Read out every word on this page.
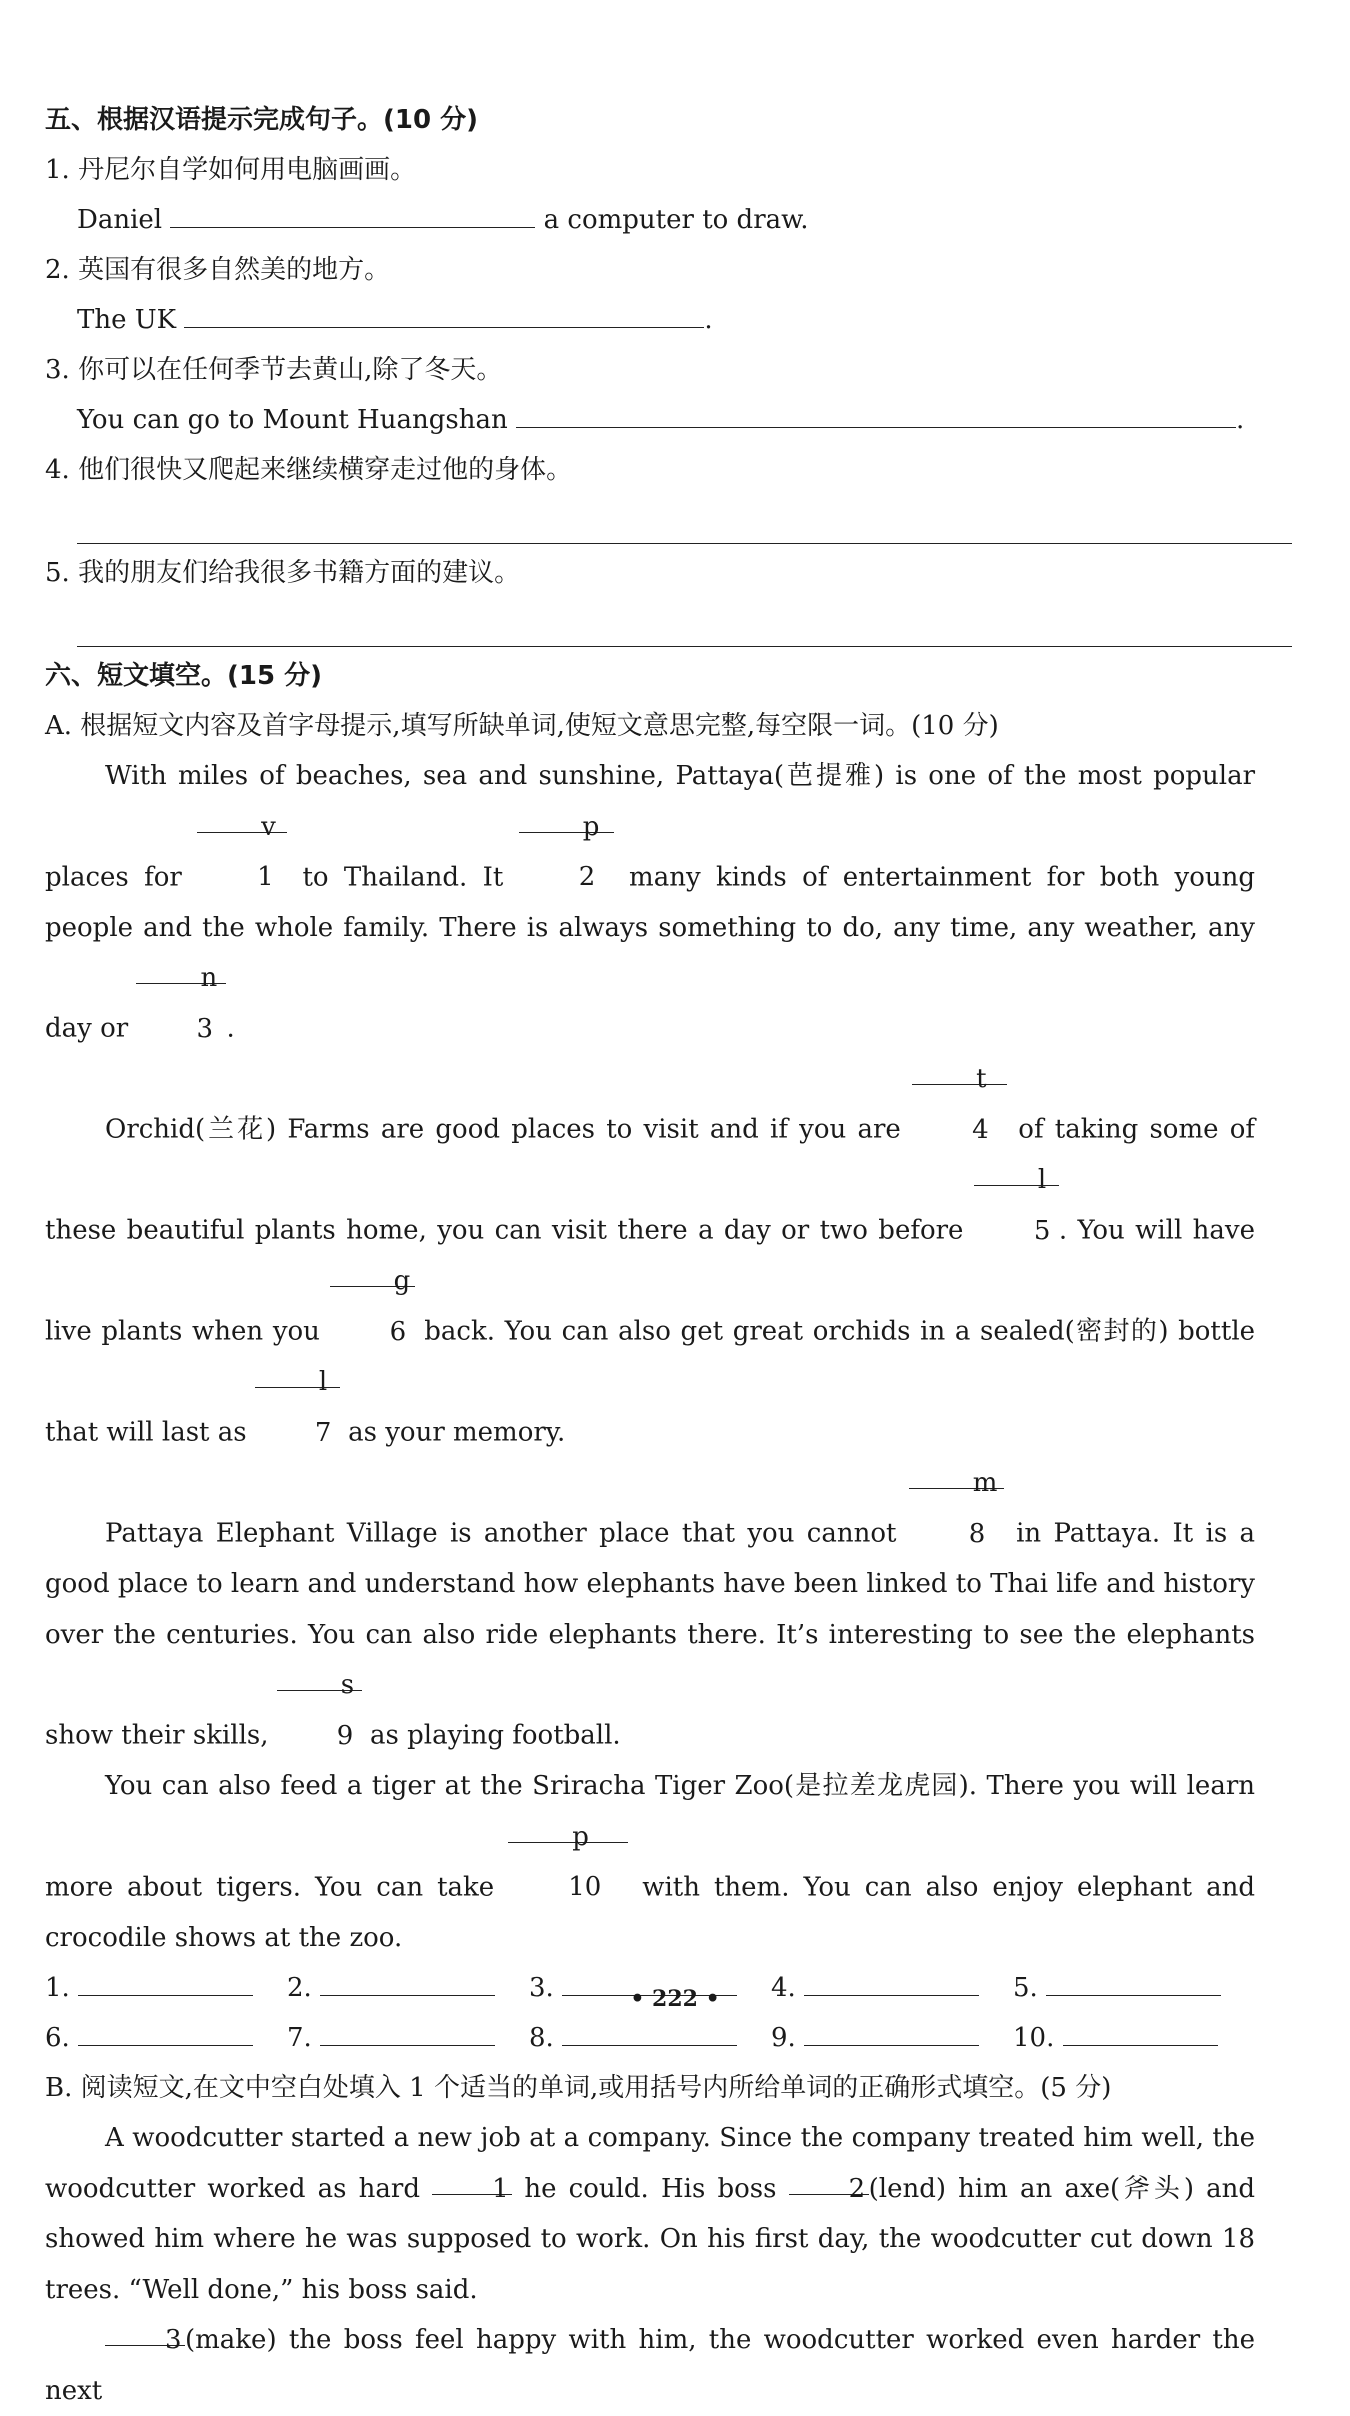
五、根据汉语提示完成句子。(10 分)
1. 丹尼尔自学如何用电脑画画。
Daniel	a computer to draw.
2. 英国有很多自然美的地方。
The UK	.
3. 你可以在任何季节去黄山,除了冬天。
You can go to Mount Huangshan	.
4. 他们很快又爬起来继续横穿走过他的身体。
5. 我的朋友们给我很多书籍方面的建议。
六、短文填空。(15 分)
A. 根据短文内容及首字母提示,填写所缺单词,使短文意思完整,每空限一词。(10 分)
With miles of beaches, sea and sunshine, Pattaya(芭提雅) is one of the most popular places for
v
1 to Thailand. It
p
2 many kinds of entertainment for both young people and the whole family. There is always something to do, any time, any weather, any day or
n
3 .
Orchid(兰花) Farms are good places to visit and if you are
t
4 of taking some of these beautiful plants home, you can visit there a day or two before
l
5 . You will have live plants when you
g
6 back. You can also get great orchids in a sealed(密封的) bottle that will last as
l
7 as your memory.
Pattaya Elephant Village is another place that you cannot
m
8 in Pattaya. It is a good place to learn and understand how elephants have been linked to Thai life and history over the centuries. You can also ride elephants there. It’s interesting to see the elephants show their skills,
s
9 as playing football.
You can also feed a tiger at the Sriracha Tiger Zoo(是拉差龙虎园). There you will learn more about tigers. You can take
p
10 with them. You can also enjoy elephant and crocodile shows at the zoo.
1.	2.	3.	4.	5.
6.	7.	8.	9.	10.
B. 阅读短文,在文中空白处填入 1 个适当的单词,或用括号内所给单词的正确形式填空。(5 分)
A woodcutter started a new job at a company. Since the company treated him well, the woodcutter worked as hard	1 he could. His boss	2 (lend) him an axe(斧头) and showed him where he was supposed to work. On his first day, the woodcutter cut down 18 trees. “Well done,” his boss said.
3 (make) the boss feel happy with him, the woodcutter worked even harder the next
• 222 •
